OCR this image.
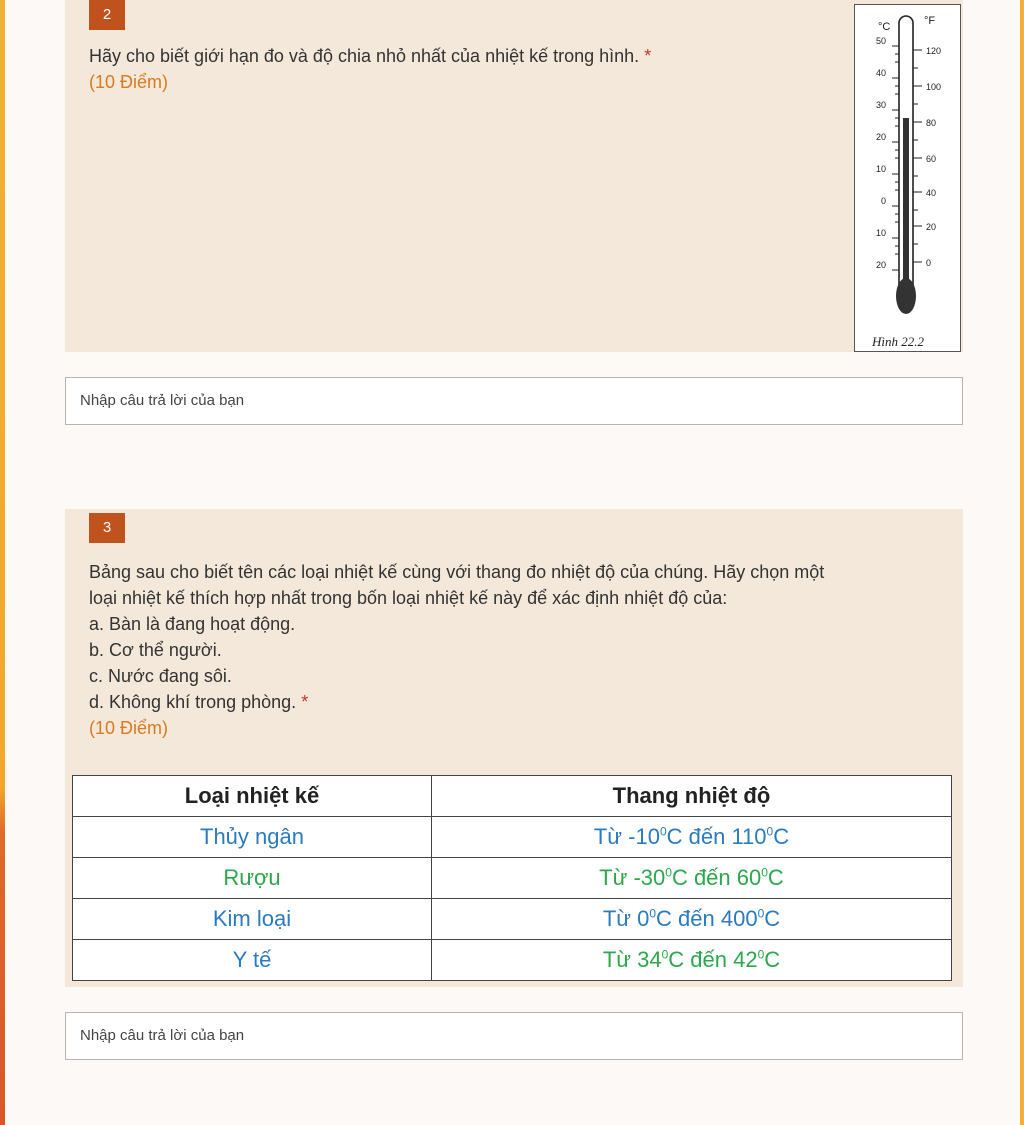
2
Hãy cho biết giới hạn đo và độ chia nhỏ nhất của nhiệt kế trong hình. *
(10 Điểm)
°C	°F
50
40
30
20
10
0
10
20
120
100
80
60
40
20
0
Hình 22.2
Nhập câu trả lời của bạn
3
Bảng sau cho biết tên các loại nhiệt kế cùng với thang đo nhiệt độ của chúng. Hãy chọn một
loại nhiệt kế thích hợp nhất trong bốn loại nhiệt kế này để xác định nhiệt độ của:
a. Bàn là đang hoạt động.
b. Cơ thể người.
c. Nước đang sôi.
d. Không khí trong phòng. *
(10 Điểm)
Loại nhiệt kế	Thang nhiệt độ
Thủy ngân	Từ $-10^0C$ đến $110^0C$
Rượu	Từ $-30^0C$ đến $60^0C$
Kim loại	Từ $0^0C$ đến $400^0C$
Y tế	Từ $34^0C$ đến $42^0C$
Nhập câu trả lời của bạn
